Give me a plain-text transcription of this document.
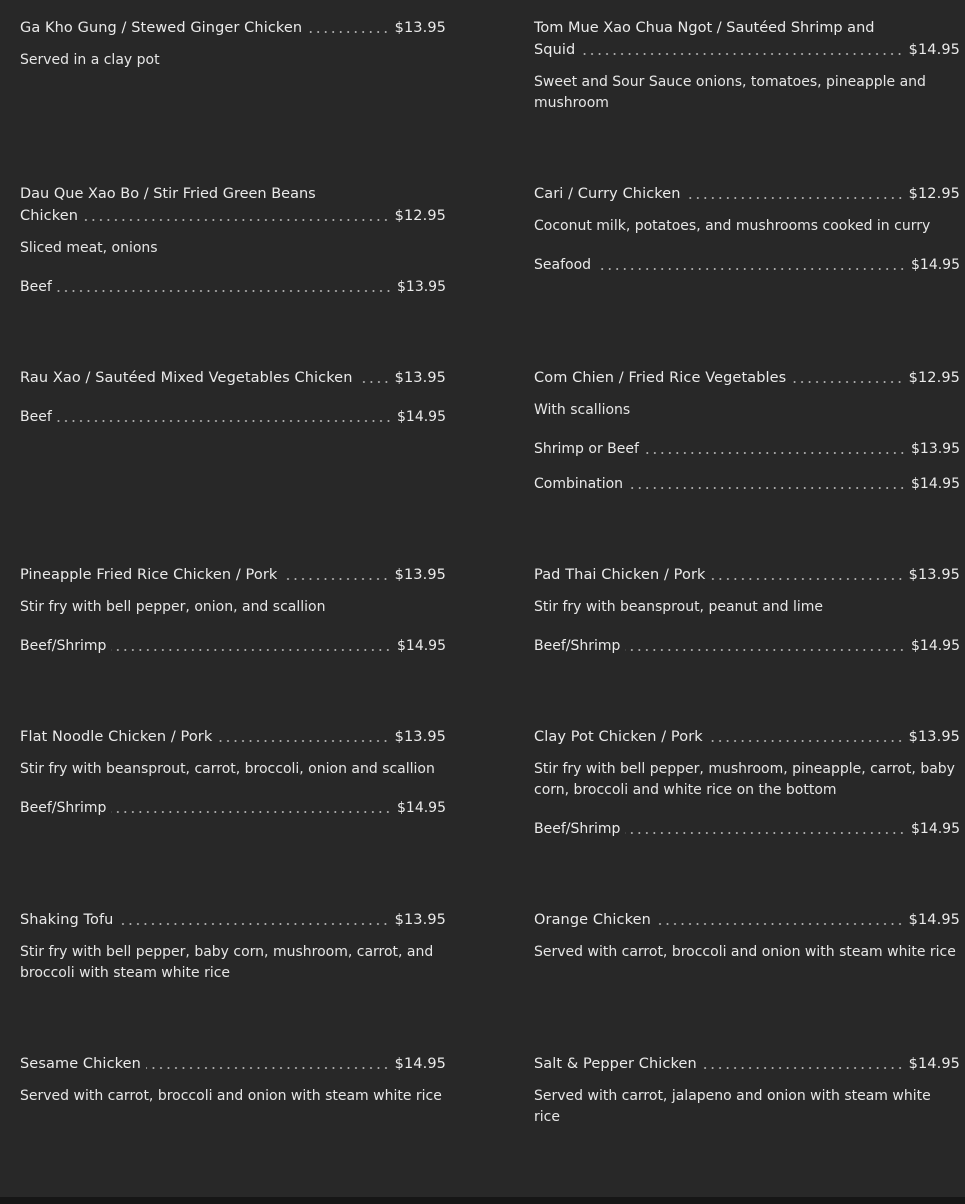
Ga Kho Gung / Stewed Ginger Chicken	$13.95
Served in a clay pot
Dau Que Xao Bo / Stir Fried Green Beans
Chicken	$12.95
Sliced meat, onions
Beef	$13.95
Rau Xao / Sautéed Mixed Vegetables Chicken	$13.95
Beef	$14.95
Pineapple Fried Rice Chicken / Pork	$13.95
Stir fry with bell pepper, onion, and scallion
Beef/Shrimp	$14.95
Flat Noodle Chicken / Pork	$13.95
Stir fry with beansprout, carrot, broccoli, onion and scallion
Beef/Shrimp	$14.95
Shaking Tofu	$13.95
Stir fry with bell pepper, baby corn, mushroom, carrot, and broccoli with steam white rice
Sesame Chicken	$14.95
Served with carrot, broccoli and onion with steam white rice
Tom Mue Xao Chua Ngot / Sautéed Shrimp and
Squid	$14.95
Sweet and Sour Sauce onions, tomatoes, pineapple and mushroom
Cari / Curry Chicken	$12.95
Coconut milk, potatoes, and mushrooms cooked in curry
Seafood	$14.95
Com Chien / Fried Rice Vegetables	$12.95
With scallions
Shrimp or Beef	$13.95
Combination	$14.95
Pad Thai Chicken / Pork	$13.95
Stir fry with beansprout, peanut and lime
Beef/Shrimp	$14.95
Clay Pot Chicken / Pork	$13.95
Stir fry with bell pepper, mushroom, pineapple, carrot, baby corn, broccoli and white rice on the bottom
Beef/Shrimp	$14.95
Orange Chicken	$14.95
Served with carrot, broccoli and onion with steam white rice
Salt & Pepper Chicken	$14.95
Served with carrot, jalapeno and onion with steam white rice
